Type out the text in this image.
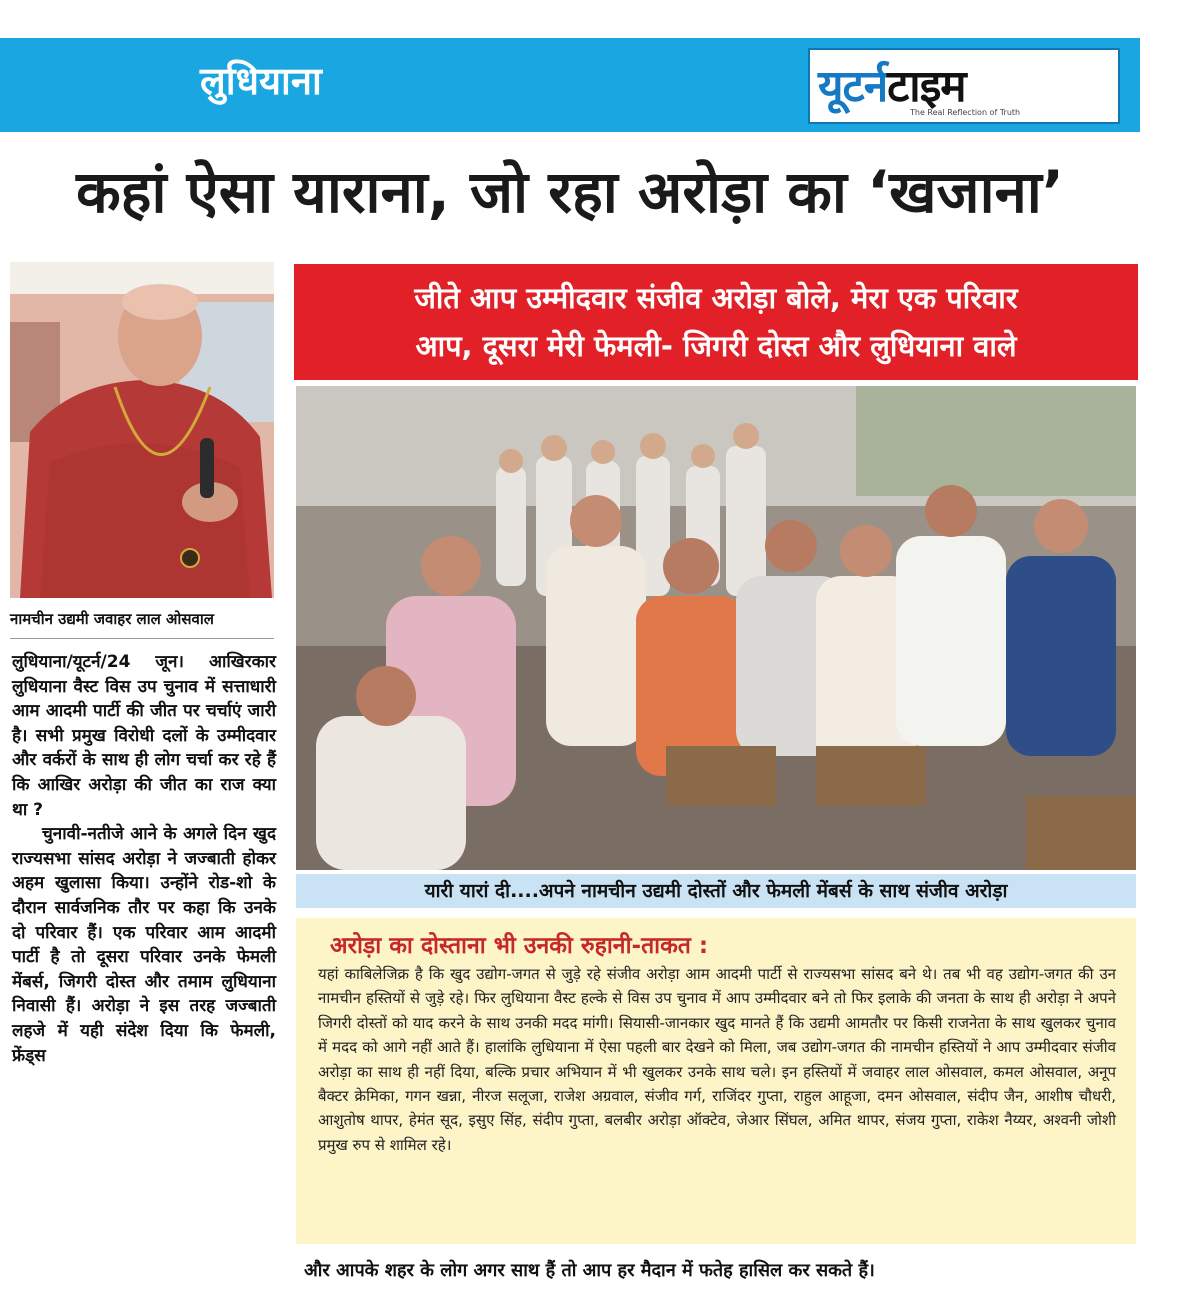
लुधियाना	यूटर्नटाइम
The Real Reflection of Truth
कहां ऐसा याराना, जो रहा अरोड़ा का ‘खजाना’
नामचीन उद्यमी जवाहर लाल ओसवाल

लुधियाना/यूटर्न/24 जून। आखिरकार लुधियाना वैस्ट विस उप चुनाव में सत्ताधारी आम आदमी पार्टी की जीत पर चर्चाएं जारी है। सभी प्रमुख विरोधी दलों के उम्मीदवार और वर्करों के साथ ही लोग चर्चा कर रहे हैं कि आखिर अरोड़ा की जीत का राज क्या था ?

चुनावी-नतीजे आने के अगले दिन खुद राज्यसभा सांसद अरोड़ा ने जज्बाती होकर अहम खुलासा किया। उन्होंने रोड-शो के दौरान सार्वजनिक तौर पर कहा कि उनके दो परिवार हैं। एक परिवार आम आदमी पार्टी है तो दूसरा परिवार उनके फेमली मेंबर्स, जिगरी दोस्त और तमाम लुधियाना निवासी हैं। अरोड़ा ने इस तरह जज्बाती लहजे में यही संदेश दिया कि फेमली, फ्रेंड्स

जीते आप उम्मीदवार संजीव अरोड़ा बोले, मेरा एक परिवार
आप, दूसरा मेरी फेमली- जिगरी दोस्त और लुधियाना वाले
यारी यारां दी....अपने नामचीन उद्यमी दोस्तों और फेमली मेंबर्स के साथ संजीव अरोड़ा
अरोड़ा का दोस्ताना भी उनकी रुहानी-ताकत :
यहां काबिलेजिक्र है कि खुद उद्योग-जगत से जुड़े रहे संजीव अरोड़ा आम आदमी पार्टी से राज्यसभा सांसद बने थे। तब भी वह उद्योग-जगत की उन नामचीन हस्तियों से जुड़े रहे। फिर लुधियाना वैस्ट हल्के से विस उप चुनाव में आप उम्मीदवार बने तो फिर इलाके की जनता के साथ ही अरोड़ा ने अपने जिगरी दोस्तों को याद करने के साथ उनकी मदद मांगी। सियासी-जानकार खुद मानते हैं कि उद्यमी आमतौर पर किसी राजनेता के साथ खुलकर चुनाव में मदद को आगे नहीं आते हैं। हालांकि लुधियाना में ऐसा पहली बार देखने को मिला, जब उद्योग-जगत की नामचीन हस्तियों ने आप उम्मीदवार संजीव अरोड़ा का साथ ही नहीं दिया, बल्कि प्रचार अभियान में भी खुलकर उनके साथ चले। इन हस्तियों में जवाहर लाल ओसवाल, कमल ओसवाल, अनूप बैक्टर क्रेमिका, गगन खन्ना, नीरज सलूजा, राजेश अग्रवाल, संजीव गर्ग, राजिंदर गुप्ता, राहुल आहूजा, दमन ओसवाल, संदीप जैन, आशीष चौधरी, आशुतोष थापर, हेमंत सूद, इसुए सिंह, संदीप गुप्ता, बलबीर अरोड़ा ऑक्टेव, जेआर सिंघल, अमित थापर, संजय गुप्ता, राकेश नैय्यर, अश्वनी जोशी प्रमुख रुप से शामिल रहे।
और आपके शहर के लोग अगर साथ हैं तो आप हर मैदान में फतेह हासिल कर सकते हैं।
